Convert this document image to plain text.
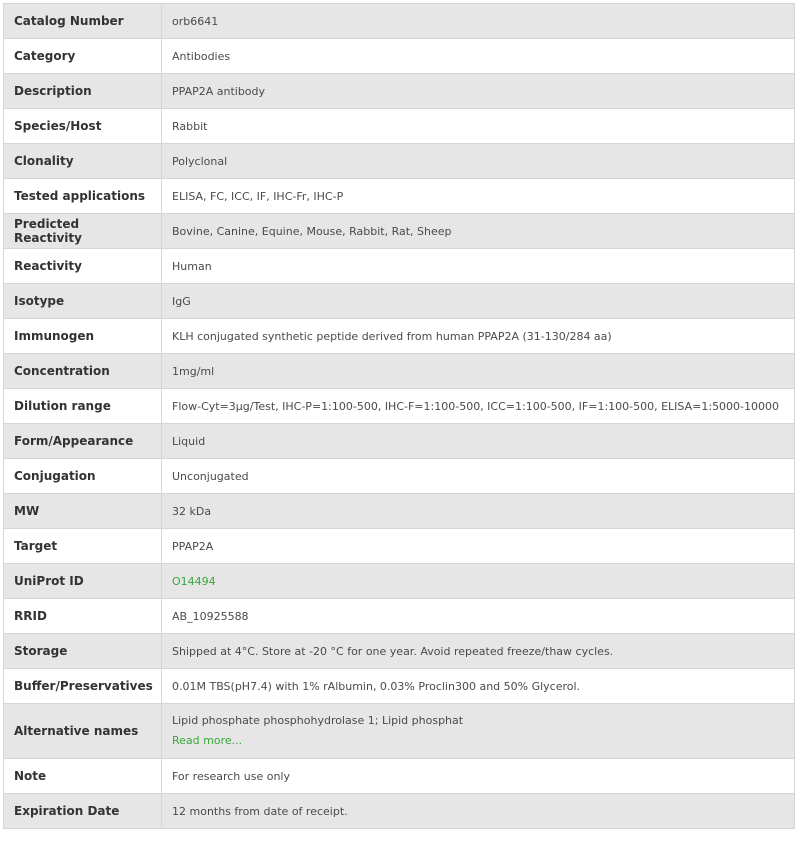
Catalog Number	orb6641
Category	Antibodies
Description	PPAP2A antibody
Species/Host	Rabbit
Clonality	Polyclonal
Tested applications	ELISA, FC, ICC, IF, IHC-Fr, IHC-P
Predicted Reactivity	Bovine, Canine, Equine, Mouse, Rabbit, Rat, Sheep
Reactivity	Human
Isotype	IgG
Immunogen	KLH conjugated synthetic peptide derived from human PPAP2A (31-130/284 aa)
Concentration	1mg/ml
Dilution range	Flow-Cyt=3μg/Test, IHC-P=1:100-500, IHC-F=1:100-500, ICC=1:100-500, IF=1:100-500, ELISA=1:5000-10000
Form/Appearance	Liquid
Conjugation	Unconjugated
MW	32 kDa
Target	PPAP2A
UniProt ID	O14494
RRID	AB_10925588
Storage	Shipped at 4°C. Store at -20 °C for one year. Avoid repeated freeze/thaw cycles.
Buffer/Preservatives	0.01M TBS(pH7.4) with 1% rAlbumin, 0.03% Proclin300 and 50% Glycerol.
Alternative names	Lipid phosphate phosphohydrolase 1; Lipid phosphat
Read more...
Note	For research use only
Expiration Date	12 months from date of receipt.
